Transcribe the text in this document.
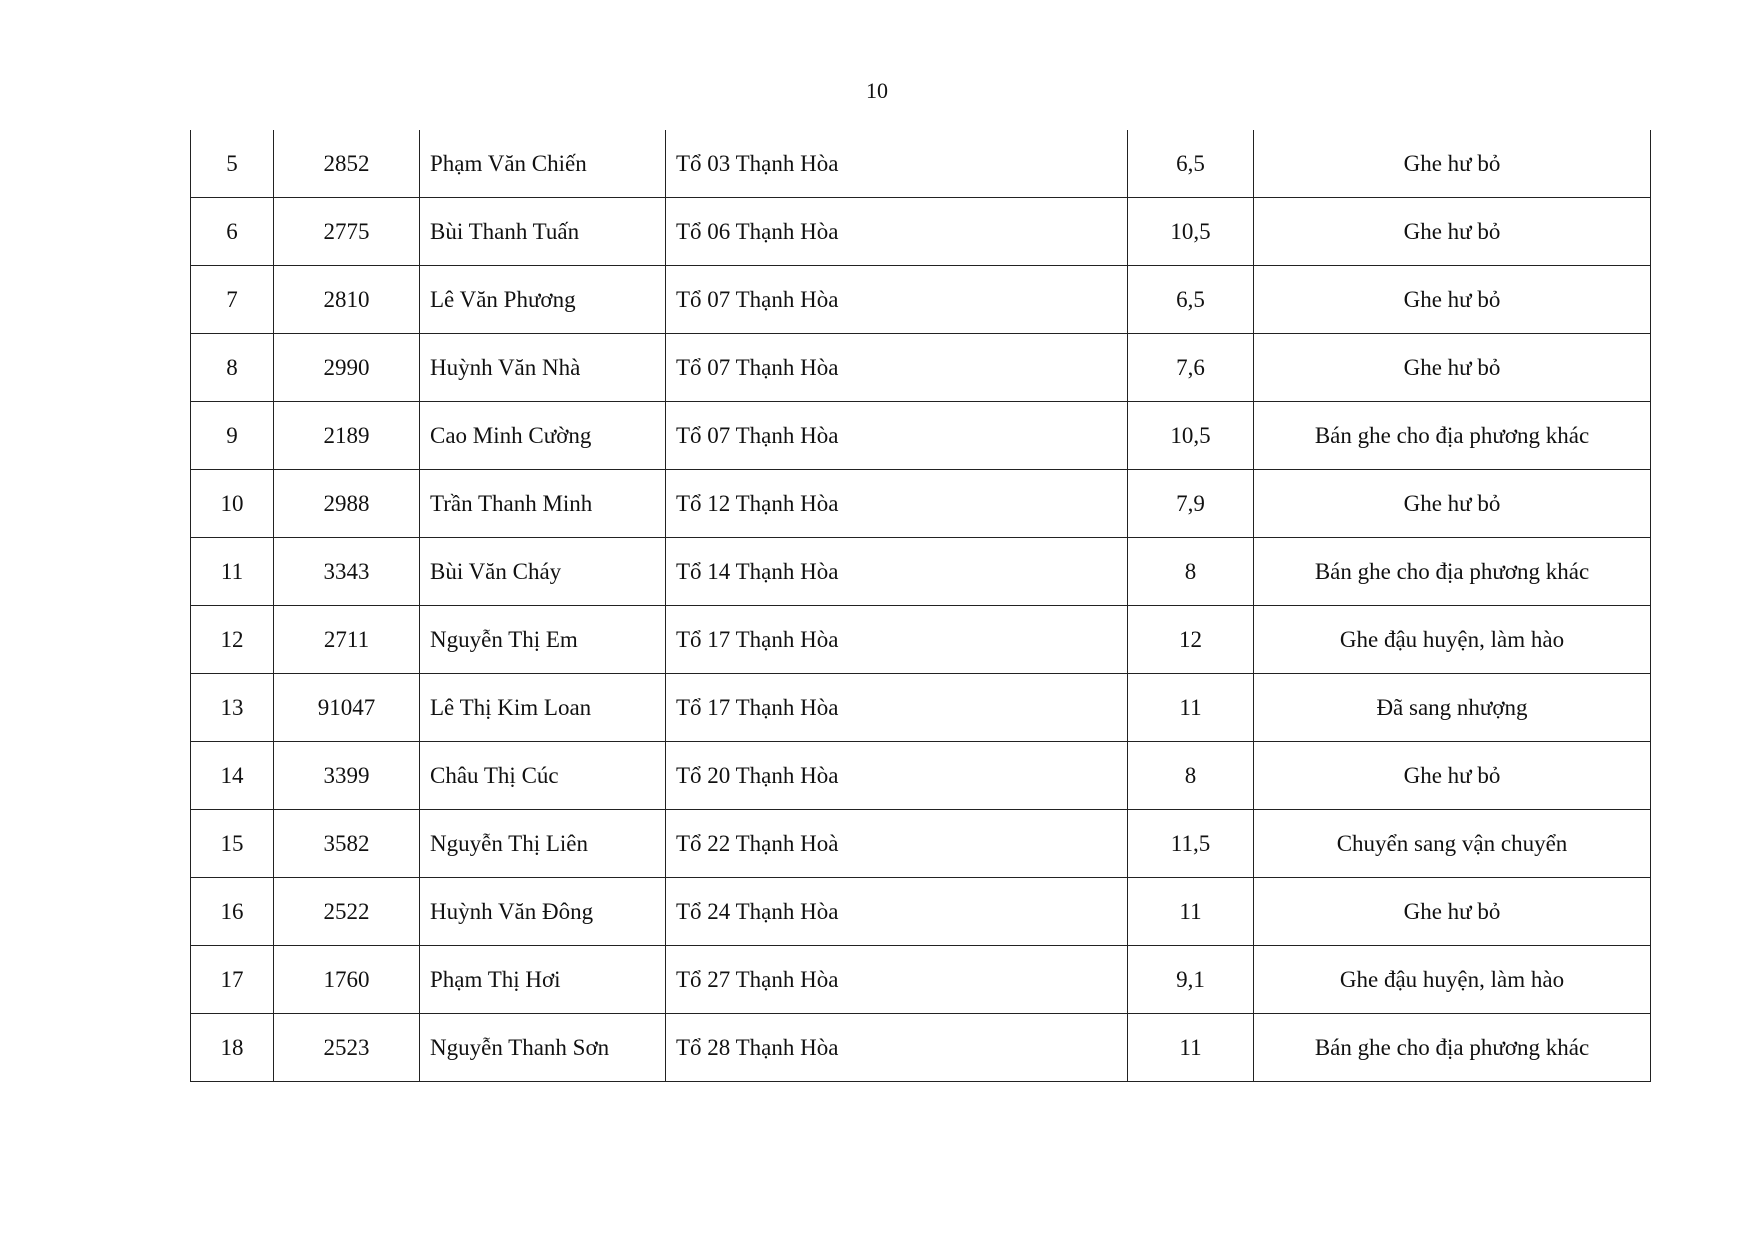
10
5	2852	Phạm Văn Chiến	Tổ 03 Thạnh Hòa	6,5	Ghe hư bỏ
6	2775	Bùi Thanh Tuấn	Tổ 06 Thạnh Hòa	10,5	Ghe hư bỏ
7	2810	Lê Văn Phương	Tổ 07 Thạnh Hòa	6,5	Ghe hư bỏ
8	2990	Huỳnh Văn Nhà	Tổ 07 Thạnh Hòa	7,6	Ghe hư bỏ
9	2189	Cao Minh Cường	Tổ 07 Thạnh Hòa	10,5	Bán ghe cho địa phương khác
10	2988	Trần Thanh Minh	Tổ 12 Thạnh Hòa	7,9	Ghe hư bỏ
11	3343	Bùi Văn Cháy	Tổ 14 Thạnh Hòa	8	Bán ghe cho địa phương khác
12	2711	Nguyễn Thị Em	Tổ 17 Thạnh Hòa	12	Ghe đậu huyện, làm hào
13	91047	Lê Thị Kim Loan	Tổ 17 Thạnh Hòa	11	Đã sang nhượng
14	3399	Châu Thị Cúc	Tổ 20 Thạnh Hòa	8	Ghe hư bỏ
15	3582	Nguyễn Thị Liên	Tổ 22 Thạnh Hoà	11,5	Chuyển sang vận chuyển
16	2522	Huỳnh Văn Đông	Tổ 24 Thạnh Hòa	11	Ghe hư bỏ
17	1760	Phạm Thị Hơi	Tổ 27 Thạnh Hòa	9,1	Ghe đậu huyện, làm hào
18	2523	Nguyễn Thanh Sơn	Tổ 28 Thạnh Hòa	11	Bán ghe cho địa phương khác
